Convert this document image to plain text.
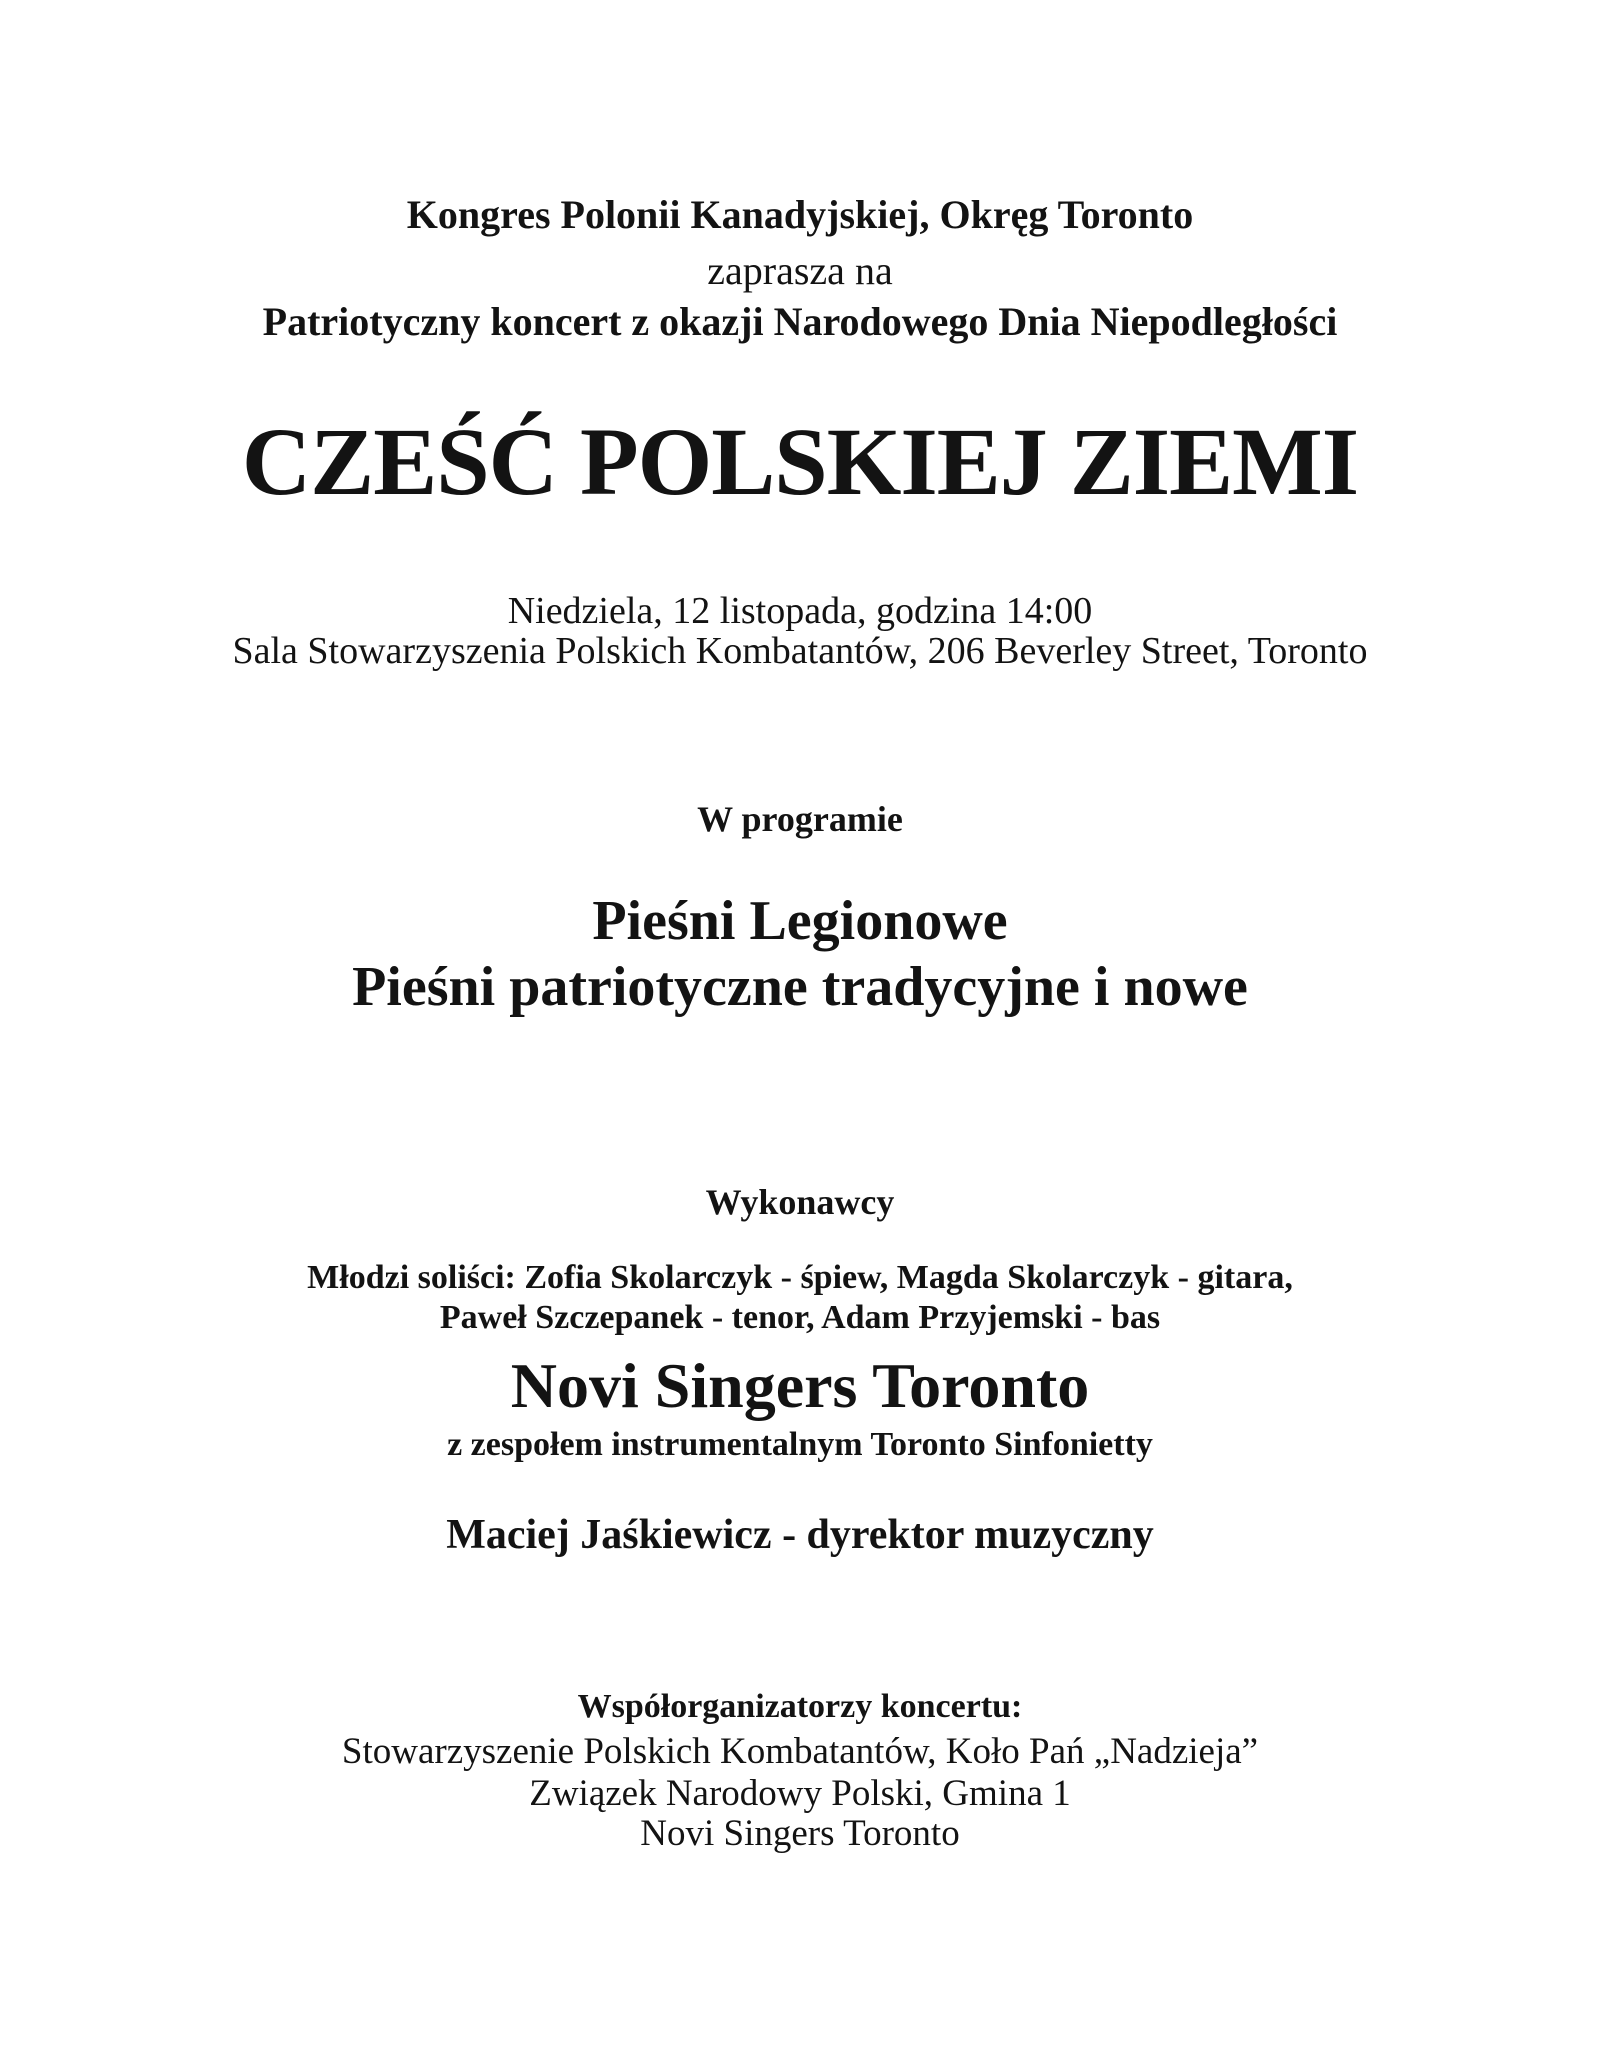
Kongres Polonii Kanadyjskiej, Okręg Toronto
zaprasza na
Patriotyczny koncert z okazji Narodowego Dnia Niepodległości
CZEŚĆ POLSKIEJ ZIEMI
Niedziela, 12 listopada, godzina 14:00
Sala Stowarzyszenia Polskich Kombatantów, 206 Beverley Street, Toronto
W programie
Pieśni Legionowe
Pieśni patriotyczne tradycyjne i nowe
Wykonawcy
Młodzi soliści: Zofia Skolarczyk - śpiew, Magda Skolarczyk - gitara,
Paweł Szczepanek - tenor, Adam Przyjemski - bas
Novi Singers Toronto
z zespołem instrumentalnym Toronto Sinfonietty
Maciej Jaśkiewicz - dyrektor muzyczny
Współorganizatorzy koncertu:
Stowarzyszenie Polskich Kombatantów, Koło Pań „Nadzieja”
Związek Narodowy Polski, Gmina 1
Novi Singers Toronto
